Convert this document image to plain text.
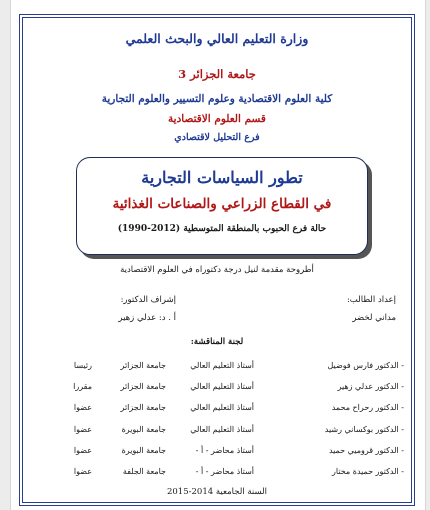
وزارة التعليم العالي والبحث العلمي
جامعة الجزائر 3
كلية العلوم الاقتصادية وعلوم التسيير والعلوم التجارية
قسم العلوم الاقتصادية
فرع التحليل لاقتصادي
تطور السياسات التجارية
في القطاع الزراعي والصناعات الغذائية
حالة فرع الحبوب بالمنطقة المتوسطية (2012-1990)
أطروحة مقدمة لنيل درجة دكتوراه في العلوم الاقتصادية
إعداد الطالب:
إشراف الدكتور:
مداني لخضر
أ . د: عدلي زهير
لجنة المناقشة:
- الدكتور فارس فوضيل
أستاذ التعليم العالي
جامعة الجزائر
رئيسا
- الدكتور عدلي زهير
أستاذ التعليم العالي
جامعة الجزائر
مقررا
- الدكتور رحراح محمد
أستاذ التعليم العالي
جامعة الجزائر
عضوا
- الدكتور بوكساني رشيد
أستاذ التعليم العالي
جامعة البويرة
عضوا
- الدكتور قروميي حميد
أستاذ محاضر - أ -
جامعة البويرة
عضوا
- الدكتور حميدة مختار
أستاذ محاضر - أ -
جامعة الجلفة
عضوا
السنة الجامعية 2014-2015
